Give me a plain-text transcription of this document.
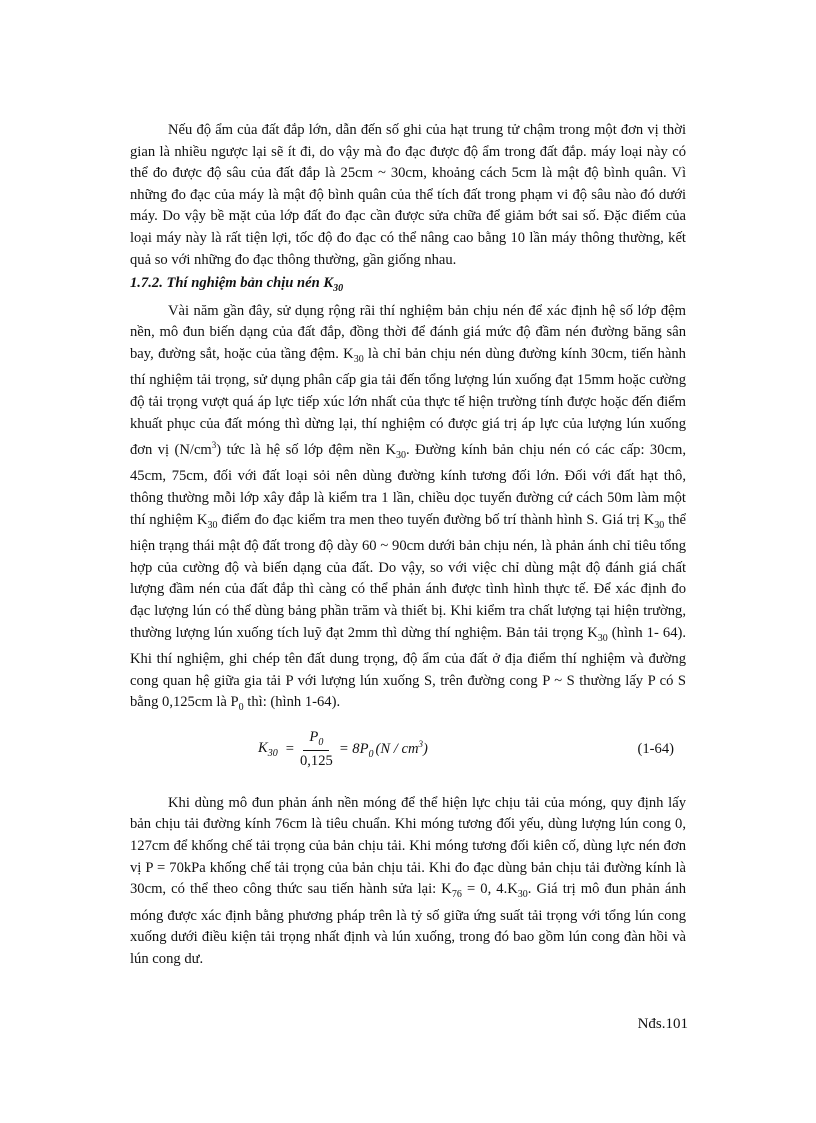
Nếu độ ẩm của đất đắp lớn, dẫn đến số ghi của hạt trung tử chậm trong một đơn vị thời gian là nhiều ngược lại sẽ ít đi, do vậy mà đo đạc được độ ẩm trong đất đắp. máy loại này có thể đo được độ sâu của đất đắp là 25cm ~ 30cm, khoảng cách 5cm là mật độ bình quân. Vì những đo đạc của máy là mật độ bình quân của thể tích đất trong phạm vi độ sâu nào đó dưới máy. Do vậy bề mặt của lớp đất đo đạc cần được sửa chữa để giảm bớt sai số. Đặc điểm của loại máy này là rất tiện lợi, tốc độ đo đạc có thể nâng cao bằng 10 lần máy thông thường, kết quả so với những đo đạc thông thường, gần giống nhau.

1.7.2. Thí nghiệm bản chịu nén $K_{30}$

Vài năm gần đây, sử dụng rộng rãi thí nghiệm bản chịu nén để xác định hệ số lớp đệm nền, mô đun biến dạng của đất đắp, đồng thời để đánh giá mức độ đầm nén đường băng sân bay, đường sắt, hoặc của tầng đệm. $K_{30}$ là chỉ bản chịu nén dùng đường kính 30cm, tiến hành thí nghiệm tải trọng, sử dụng phân cấp gia tải đến tổng lượng lún xuống đạt 15mm hoặc cường độ tải trọng vượt quá áp lực tiếp xúc lớn nhất của thực tế hiện trường tính được hoặc đến điểm khuất phục của đất móng thì dừng lại, thí nghiệm có được giá trị áp lực của lượng lún xuống đơn vị $(N/cm^3)$ tức là hệ số lớp đệm nền $K_{30}$. Đường kính bản chịu nén có các cấp: 30cm, 45cm, 75cm, đối với đất loại sỏi nên dùng đường kính tương đối lớn. Đối với đất hạt thô, thông thường mỗi lớp xây đắp là kiểm tra 1 lần, chiều dọc tuyến đường cứ cách 50m làm một thí nghiệm $K_{30}$ điểm đo đạc kiểm tra men theo tuyến đường bố trí thành hình S. Giá trị $K_{30}$ thể hiện trạng thái mật độ đất trong độ dày 60 ~ 90cm dưới bản chịu nén, là phản ánh chỉ tiêu tổng hợp của cường độ và biến dạng của đất. Do vậy, so với việc chỉ dùng mật độ đánh giá chất lượng đầm nén của đất đắp thì càng có thể phản ánh được tình hình thực tế. Để xác định đo đạc lượng lún có thể dùng bảng phần trăm và thiết bị. Khi kiểm tra chất lượng tại hiện trường, thường lượng lún xuống tích luỹ đạt 2mm thì dừng thí nghiệm. Bản tải trọng $K_{30}$ (hình 1- 64). Khi thí nghiệm, ghi chép tên đất dung trọng, độ ẩm của đất ở địa điểm thí nghiệm và đường cong quan hệ giữa gia tải P với lượng lún xuống S, trên đường cong P ~ S thường lấy P có S bằng 0,125cm là $P_0$ thì: (hình 1-64).

$K_{30} = \frac{P_0}{0,125} = 8P_0$ $(N / cm^3)$	(1-64)

Khi dùng mô đun phản ánh nền móng để thể hiện lực chịu tải của móng, quy định lấy bản chịu tải đường kính 76cm là tiêu chuẩn. Khi móng tương đối yếu, dùng lượng lún cong 0, 127cm để khống chế tải trọng của bản chịu tải. Khi móng tương đối kiên cố, dùng lực nén đơn vị P = 70kPa khống chế tải trọng của bản chịu tải. Khi đo đạc dùng bản chịu tải đường kính là 30cm, có thể theo công thức sau tiến hành sửa lại: $K_{76} = 0$, $4.K_{30}$. Giá trị mô đun phản ánh móng được xác định bằng phương pháp trên là tỷ số giữa ứng suất tải trọng với tổng lún cong xuống dưới điều kiện tải trọng nhất định và lún xuống, trong đó bao gồm lún cong đàn hồi và lún cong dư.

Nđs.101
